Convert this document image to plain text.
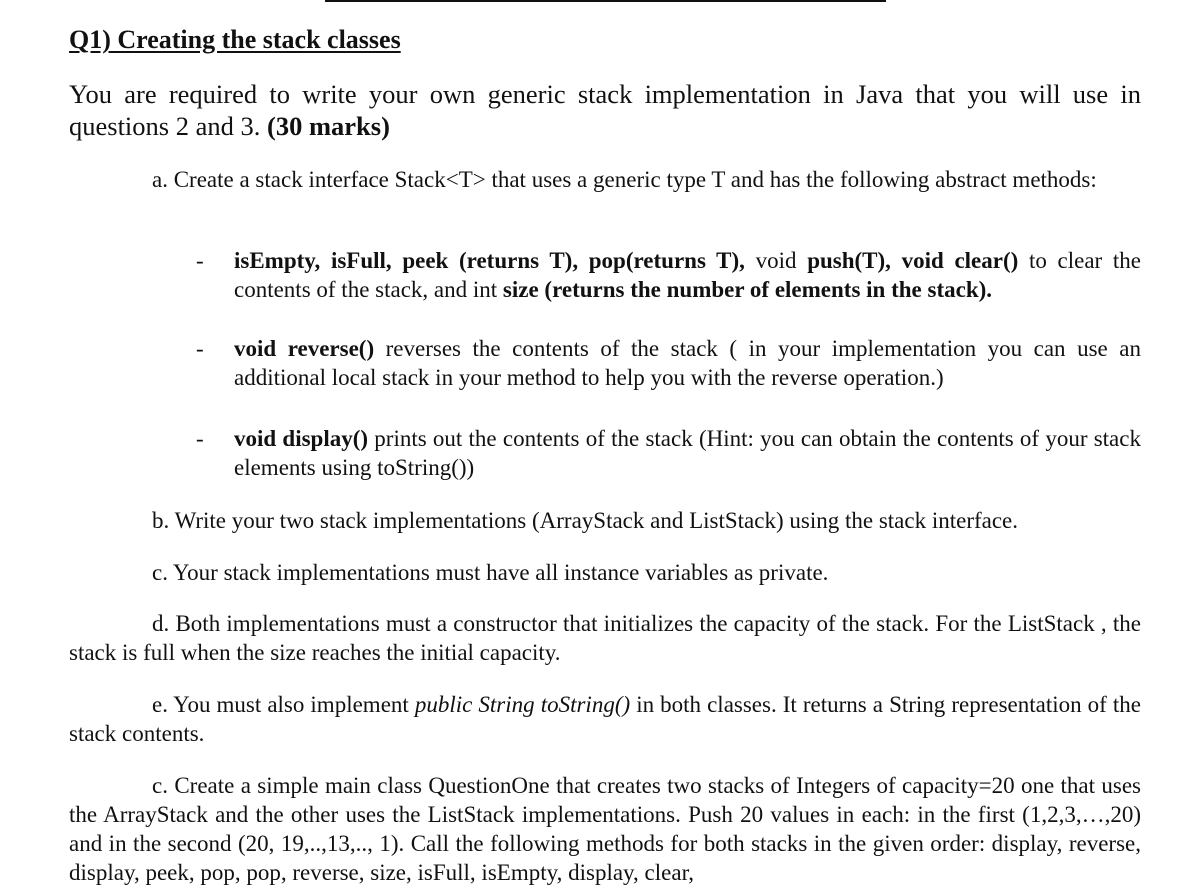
Q1) Creating the stack classes

You are required to write your own generic stack implementation in Java that you will use in questions 2 and 3. (30 marks)

a. Create a stack interface Stack<T> that uses a generic type T and has the following abstract methods:

- isEmpty, isFull, peek (returns T), pop(returns T), void push(T), void clear() to clear the contents of the stack, and int size (returns the number of elements in the stack).

- void reverse() reverses the contents of the stack ( in your implementation you can use an additional local stack in your method to help you with the reverse operation.)

- void display() prints out the contents of the stack (Hint: you can obtain the contents of your stack elements using toString())

b. Write your two stack implementations (ArrayStack and ListStack) using the stack interface.

c. Your stack implementations must have all instance variables as private.

d. Both implementations must a constructor that initializes the capacity of the stack. For the ListStack , the stack is full when the size reaches the initial capacity.

e. You must also implement public String toString() in both classes. It returns a String representation of the stack contents.

c. Create a simple main class QuestionOne that creates two stacks of Integers of capacity=20 one that uses the ArrayStack and the other uses the ListStack implementations. Push 20 values in each: in the first (1,2,3,…,20) and in the second (20, 19,..,13,.., 1). Call the following methods for both stacks in the given order: display, reverse, display, peek, pop, pop, reverse, size, isFull, isEmpty, display, clear,
